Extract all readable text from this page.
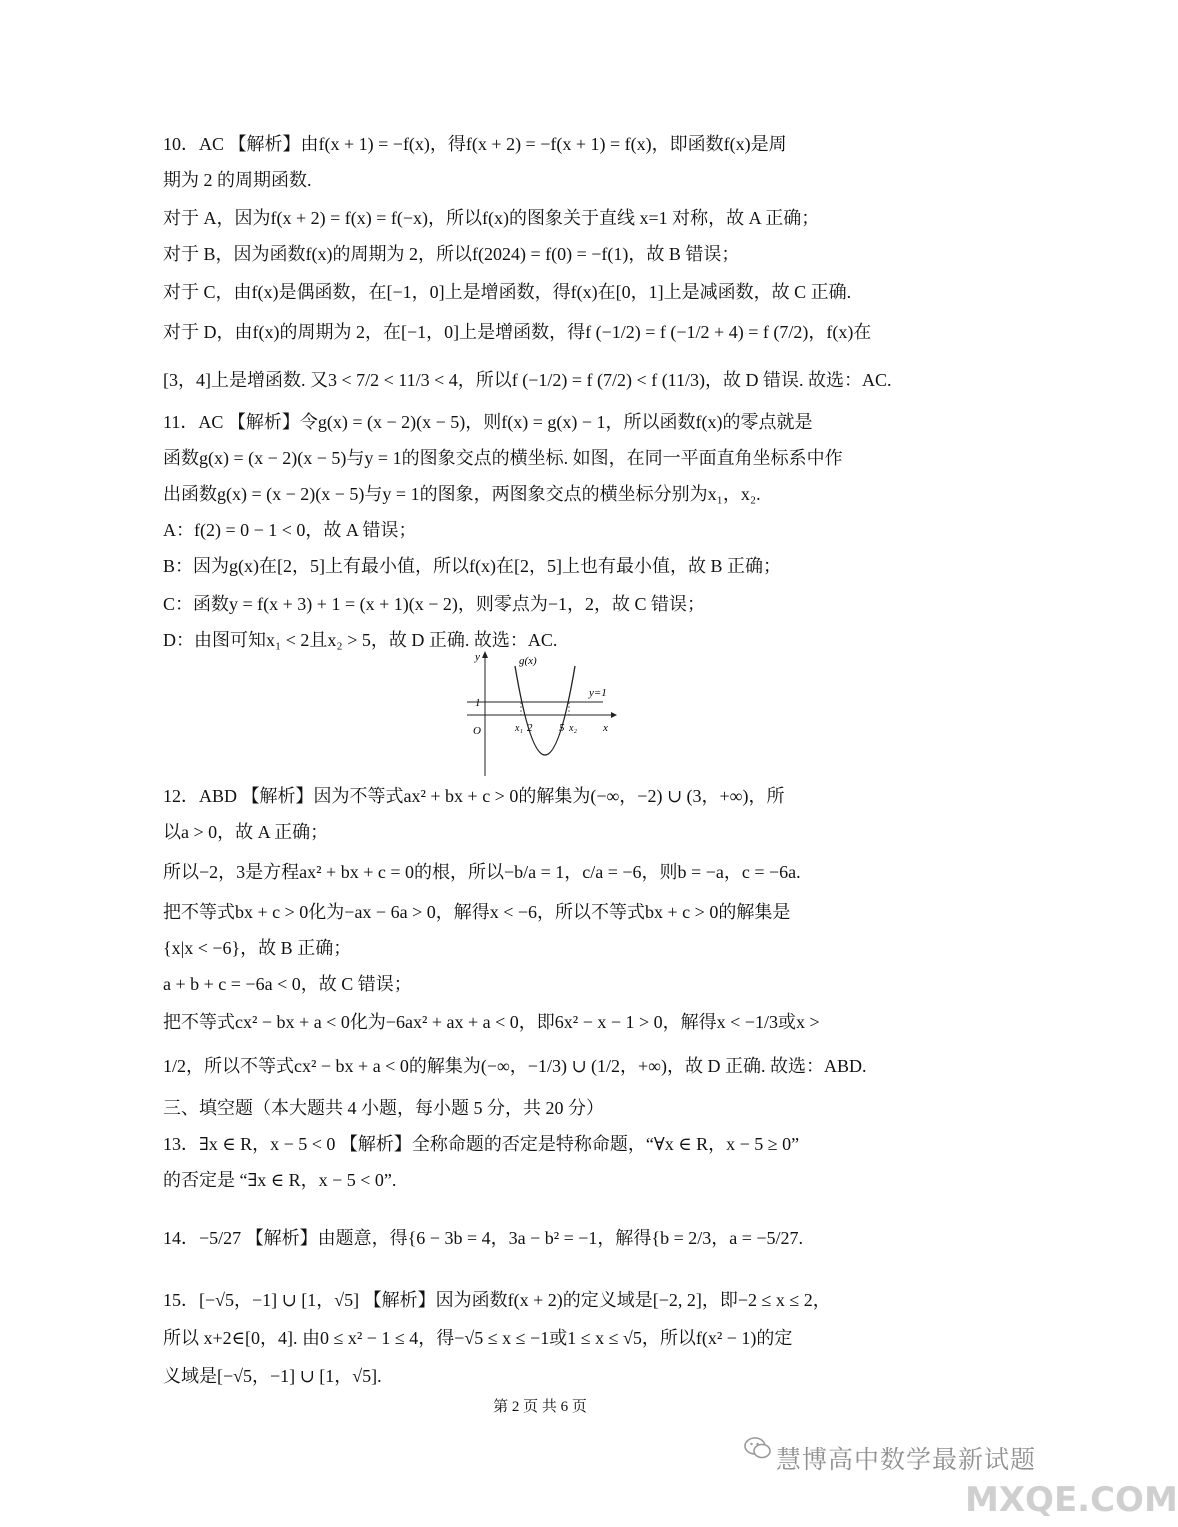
10．AC 【解析】由f(x + 1) = −f(x)，得f(x + 2) = −f(x + 1) = f(x)，即函数f(x)是周
期为 2 的周期函数.
对于 A，因为f(x + 2) = f(x) = f(−x)，所以f(x)的图象关于直线 x=1 对称，故 A 正确；
对于 B，因为函数f(x)的周期为 2，所以f(2024) = f(0) = −f(1)，故 B 错误；
对于 C，由f(x)是偶函数，在[−1，0]上是增函数，得f(x)在[0，1]上是减函数，故 C 正确.
对于 D，由f(x)的周期为 2，在[−1，0]上是增函数，得f (−1/2) = f (−1/2 + 4) = f (7/2)，f(x)在
[3，4]上是增函数. 又3 < 7/2 < 11/3 < 4，所以f (−1/2) = f (7/2) < f (11/3)，故 D 错误. 故选：AC.
11．AC 【解析】令g(x) = (x − 2)(x − 5)，则f(x) = g(x) − 1，所以函数f(x)的零点就是
函数g(x) = (x − 2)(x − 5)与y = 1的图象交点的横坐标. 如图，在同一平面直角坐标系中作
出函数g(x) = (x − 2)(x − 5)与y = 1的图象，两图象交点的横坐标分别为x₁，x₂.
A：f(2) = 0 − 1 < 0，故 A 错误；
B：因为g(x)在[2，5]上有最小值，所以f(x)在[2，5]上也有最小值，故 B 正确；
C：函数y = f(x + 3) + 1 = (x + 1)(x − 2)，则零点为−1，2，故 C 错误；
D：由图可知x₁ < 2且x₂ > 5，故 D 正确. 故选：AC.
y	g(x)
y=1
1
O	x₁ 2 5 x₂ x
12．ABD 【解析】因为不等式ax² + bx + c > 0的解集为(−∞，−2) ∪ (3，+∞)，所
以a > 0，故 A 正确；
所以−2，3是方程ax² + bx + c = 0的根，所以−b/a = 1，c/a = −6，则b = −a，c = −6a.
把不等式bx + c > 0化为−ax − 6a > 0，解得x < −6，所以不等式bx + c > 0的解集是
{x|x < −6}，故 B 正确；
a + b + c = −6a < 0，故 C 错误；
把不等式cx² − bx + a < 0化为−6ax² + ax + a < 0，即6x² − x − 1 > 0，解得x < −1/3或x >
1/2，所以不等式cx² − bx + a < 0的解集为(−∞，−1/3) ∪ (1/2，+∞)，故 D 正确. 故选：ABD.
三、填空题（本大题共 4 小题，每小题 5 分，共 20 分）
13．∃x ∈ R，x − 5 < 0 【解析】全称命题的否定是特称命题，“∀x ∈ R，x − 5 ≥ 0”
的否定是 “∃x ∈ R，x − 5 < 0”.
14．−5/27 【解析】由题意，得{6 − 3b = 4，3a − b² = −1，解得{b = 2/3，a = −5/27.
15．[−√5，−1] ∪ [1，√5] 【解析】因为函数f(x + 2)的定义域是[−2, 2]，即−2 ≤ x ≤ 2，
所以 x+2∈[0，4]. 由0 ≤ x² − 1 ≤ 4，得−√5 ≤ x ≤ −1或1 ≤ x ≤ √5，所以f(x² − 1)的定
义域是[−√5，−1] ∪ [1，√5].
第 2 页 共 6 页
慧博高中数学最新试题
MXQE.COM
